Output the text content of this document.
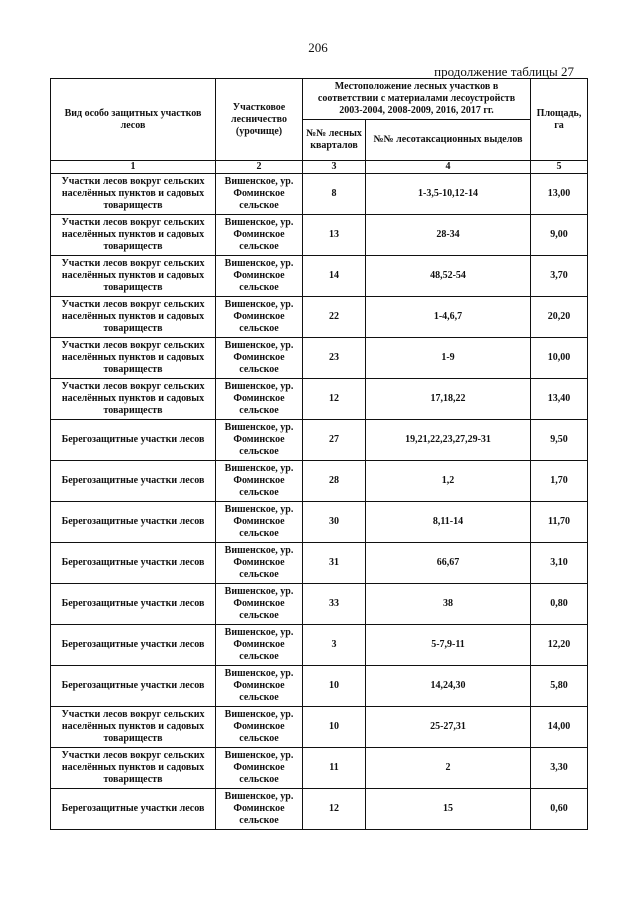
206
продолжение таблицы 27
Вид особо защитных участков лесов	Участковое лесничество (урочище)	Местоположение лесных участков в соответствии с материалами лесоустройств 2003-2004, 2008-2009, 2016, 2017 гг.		Площадь, га
		№№ лесных кварталов	№№ лесотаксационных выделов	
1	2	3	4	5
Участки лесов вокруг сельских населённых пунктов и садовых товариществ	Вишенское, ур. Фоминское сельское	8	1-3,5-10,12-14	13,00
Участки лесов вокруг сельских населённых пунктов и садовых товариществ	Вишенское, ур. Фоминское сельское	13	28-34	9,00
Участки лесов вокруг сельских населённых пунктов и садовых товариществ	Вишенское, ур. Фоминское сельское	14	48,52-54	3,70
Участки лесов вокруг сельских населённых пунктов и садовых товариществ	Вишенское, ур. Фоминское сельское	22	1-4,6,7	20,20
Участки лесов вокруг сельских населённых пунктов и садовых товариществ	Вишенское, ур. Фоминское сельское	23	1-9	10,00
Участки лесов вокруг сельских населённых пунктов и садовых товариществ	Вишенское, ур. Фоминское сельское	12	17,18,22	13,40
Берегозащитные участки лесов	Вишенское, ур. Фоминское сельское	27	19,21,22,23,27,29-31	9,50
Берегозащитные участки лесов	Вишенское, ур. Фоминское сельское	28	1,2	1,70
Берегозащитные участки лесов	Вишенское, ур. Фоминское сельское	30	8,11-14	11,70
Берегозащитные участки лесов	Вишенское, ур. Фоминское сельское	31	66,67	3,10
Берегозащитные участки лесов	Вишенское, ур. Фоминское сельское	33	38	0,80
Берегозащитные участки лесов	Вишенское, ур. Фоминское сельское	3	5-7,9-11	12,20
Берегозащитные участки лесов	Вишенское, ур. Фоминское сельское	10	14,24,30	5,80
Участки лесов вокруг сельских населённых пунктов и садовых товариществ	Вишенское, ур. Фоминское сельское	10	25-27,31	14,00
Участки лесов вокруг сельских населённых пунктов и садовых товариществ	Вишенское, ур. Фоминское сельское	11	2	3,30
Берегозащитные участки лесов	Вишенское, ур. Фоминское сельское	12	15	0,60
